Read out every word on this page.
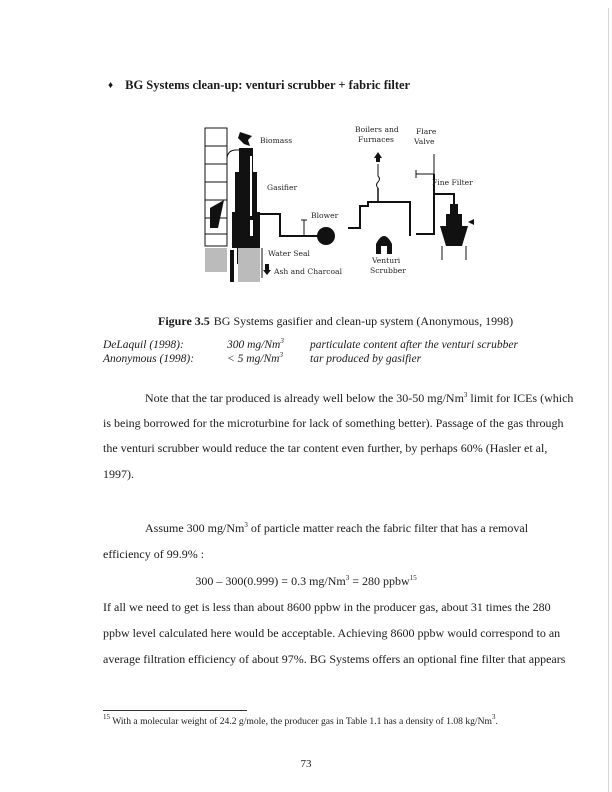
♦ BG Systems clean-up: venturi scrubber + fabric filter
Biomass
Gasifier
Blower
Water Seal
Ash and Charcoal
Boilers and
Furnaces
Flare
Valve
Fine Filter
Venturi
Scrubber
Figure 3.5 BG Systems gasifier and clean-up system (Anonymous, 1998)
DeLaquil (1998):	300 mg/Nm$^3$ particulate content after the venturi scrubber
Anonymous (1998):	< 5 mg/Nm$^3$ tar produced by gasifier
Note that the tar produced is already well below the 30-50 mg/Nm$^3$ limit for ICEs (which
is being borrowed for the microturbine for lack of something better). Passage of the gas through
the venturi scrubber would reduce the tar content even further, by perhaps 60% (Hasler et al,
1997).
Assume 300 mg/Nm$^3$ of particle matter reach the fabric filter that has a removal
efficiency of 99.9% :
300 – 300(0.999) = 0.3 $mg/Nm^3 = 280$ ppbw$^{15}$
If all we need to get is less than about 8600 ppbw in the producer gas, about 31 times the 280
ppbw level calculated here would be acceptable. Achieving 8600 ppbw would correspond to an
average filtration efficiency of about 97%. BG Systems offers an optional fine filter that appears
$^{15}$ With a molecular weight of 24.2 g/mole, the producer gas in Table 1.1 has a density of 1.08 kg/Nm$^3$.
73
